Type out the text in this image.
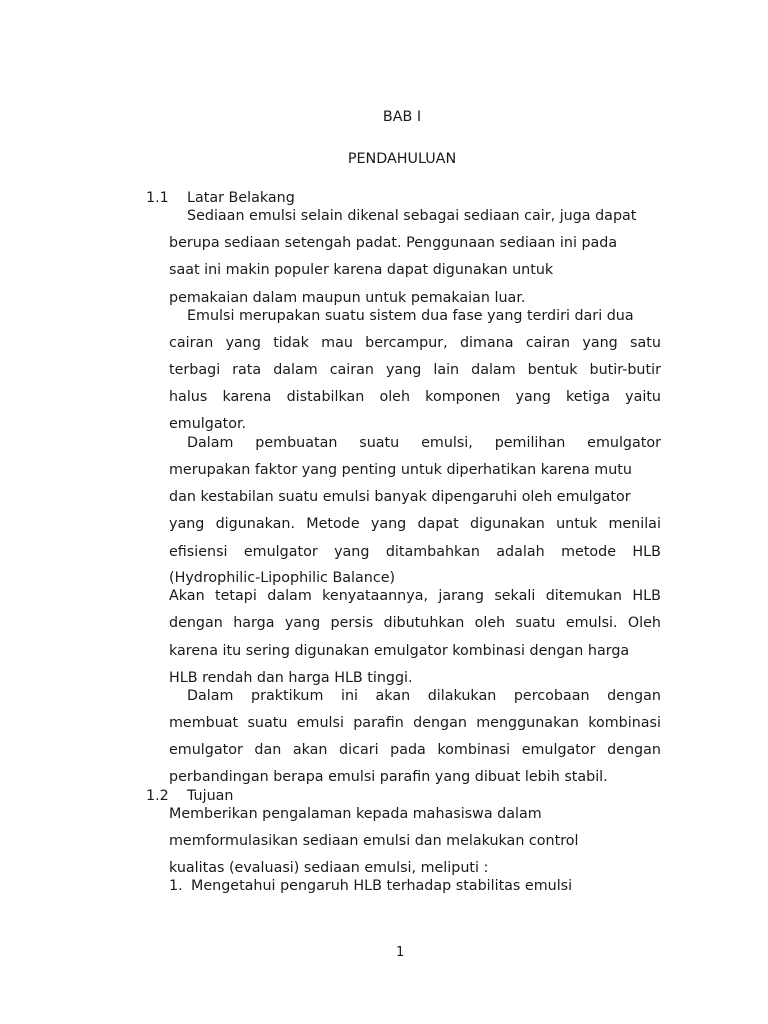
BAB I
PENDAHULUAN
1.1 Latar Belakang
Sediaan emulsi selain dikenal sebagai sediaan cair, juga dapat
berupa sediaan setengah padat. Penggunaan sediaan ini pada
saat ini makin populer karena dapat digunakan untuk
pemakaian dalam maupun untuk pemakaian luar.
Emulsi merupakan suatu sistem dua fase yang terdiri dari dua
cairan yang tidak mau bercampur, dimana cairan yang satu
terbagi rata dalam cairan yang lain dalam bentuk butir-butir
halus karena distabilkan oleh komponen yang ketiga yaitu
emulgator.
Dalam pembuatan suatu emulsi, pemilihan emulgator
merupakan faktor yang penting untuk diperhatikan karena mutu
dan kestabilan suatu emulsi banyak dipengaruhi oleh emulgator
yang digunakan. Metode yang dapat digunakan untuk menilai
efisiensi emulgator yang ditambahkan adalah metode HLB
(Hydrophilic-Lipophilic Balance)
Akan tetapi dalam kenyataannya, jarang sekali ditemukan HLB
dengan harga yang persis dibutuhkan oleh suatu emulsi. Oleh
karena itu sering digunakan emulgator kombinasi dengan harga
HLB rendah dan harga HLB tinggi.
Dalam praktikum ini akan dilakukan percobaan dengan
membuat suatu emulsi parafin dengan menggunakan kombinasi
emulgator dan akan dicari pada kombinasi emulgator dengan
perbandingan berapa emulsi parafin yang dibuat lebih stabil.
1.2 Tujuan
Memberikan pengalaman kepada mahasiswa dalam
memformulasikan sediaan emulsi dan melakukan control
kualitas (evaluasi) sediaan emulsi, meliputi :
1. Mengetahui pengaruh HLB terhadap stabilitas emulsi
1
